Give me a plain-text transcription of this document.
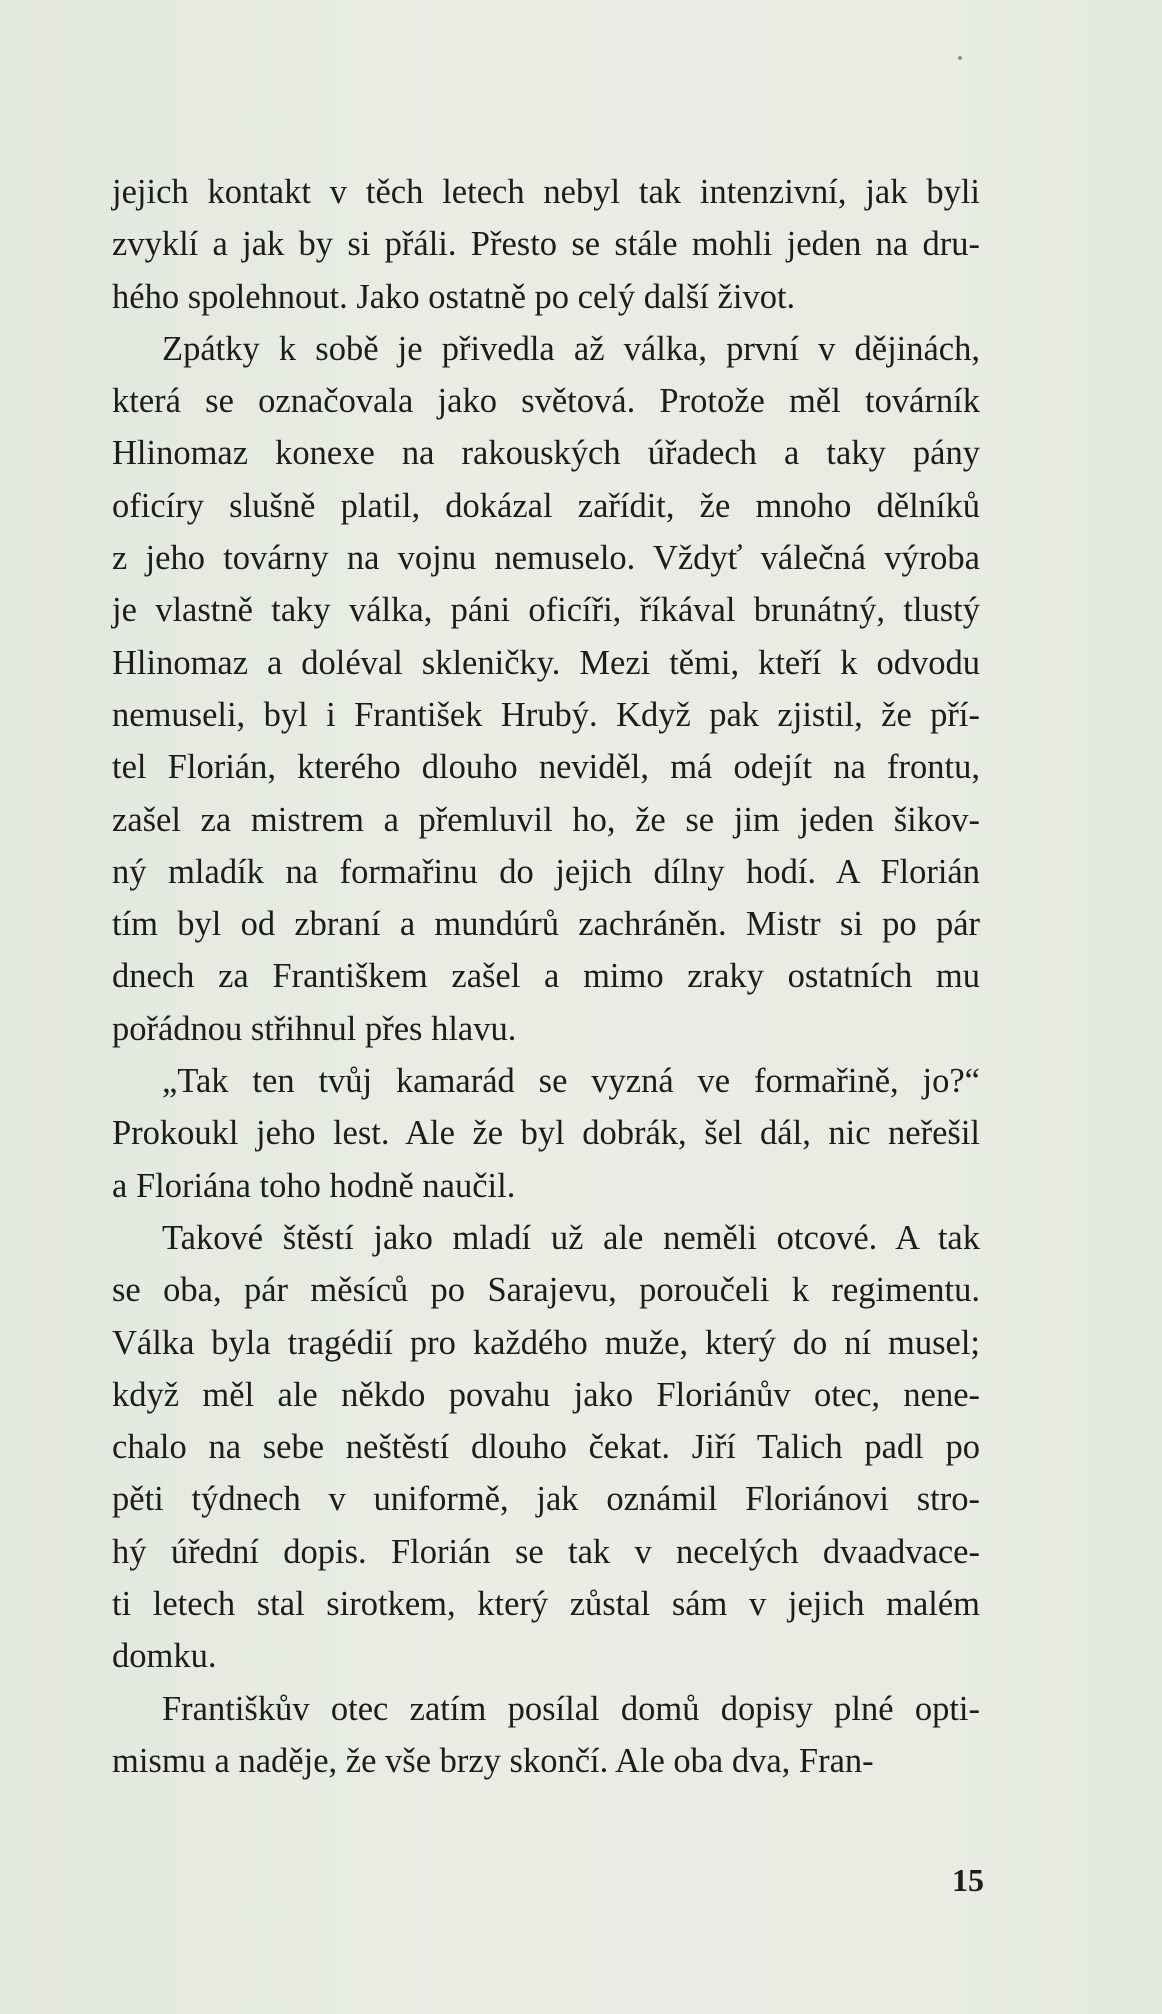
jejich kontakt v těch letech nebyl tak intenzivní, jak byli
zvyklí a jak by si přáli. Přesto se stále mohli jeden na dru-
hého spolehnout. Jako ostatně po celý další život.
Zpátky k sobě je přivedla až válka, první v dějinách,
která se označovala jako světová. Protože měl továrník
Hlinomaz konexe na rakouských úřadech a taky pány
oficíry slušně platil, dokázal zařídit, že mnoho dělníků
z jeho továrny na vojnu nemuselo. Vždyť válečná výroba
je vlastně taky válka, páni oficíři, říkával brunátný, tlustý
Hlinomaz a doléval skleničky. Mezi těmi, kteří k odvodu
nemuseli, byl i František Hrubý. Když pak zjistil, že pří-
tel Florián, kterého dlouho neviděl, má odejít na frontu,
zašel za mistrem a přemluvil ho, že se jim jeden šikov-
ný mladík na formařinu do jejich dílny hodí. A Florián
tím byl od zbraní a mundúrů zachráněn. Mistr si po pár
dnech za Františkem zašel a mimo zraky ostatních mu
pořádnou střihnul přes hlavu.
„Tak ten tvůj kamarád se vyzná ve formařině, jo?“
Prokoukl jeho lest. Ale že byl dobrák, šel dál, nic neřešil
a Floriána toho hodně naučil.
Takové štěstí jako mladí už ale neměli otcové. A tak
se oba, pár měsíců po Sarajevu, poroučeli k regimentu.
Válka byla tragédií pro každého muže, který do ní musel;
když měl ale někdo povahu jako Floriánův otec, nene-
chalo na sebe neštěstí dlouho čekat. Jiří Talich padl po
pěti týdnech v uniformě, jak oznámil Floriánovi stro-
hý úřední dopis. Florián se tak v necelých dvaadvace-
ti letech stal sirotkem, který zůstal sám v jejich malém
domku.
Františkův otec zatím posílal domů dopisy plné opti-
mismu a naděje, že vše brzy skončí. Ale oba dva, Fran-
15
